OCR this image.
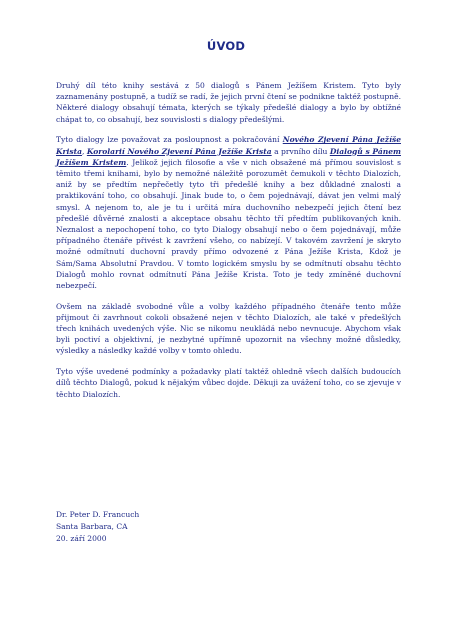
ÚVOD

Druhý díl této knihy sestává z 50 dialogů s Pánem Ježíšem Kristem. Tyto byly zaznamenány postupně, a tudíž se radí, že jejich první čtení se podnikne taktéž postupně. Některé dialogy obsahují témata, kterých se týkaly předešlé dialogy a bylo by obtížné chápat to, co obsahují, bez souvislosti s dialogy předešlými.

Tyto dialogy lze považovat za posloupnost a pokračování Nového Zjevení Pána Ježíše Krista, Korolarií Nového Zjevení Pána Ježíše Krista a prvního dílu Dialogů s Pánem Ježíšem Kristem. Jelikož jejich filosofie a vše v nich obsažené má přímou souvislost s těmito třemi knihami, bylo by nemožné náležitě porozumět čemukoli v těchto Dialozích, aniž by se předtím nepřečetly tyto tři předešlé knihy a bez důkladné znalosti a praktikování toho, co obsahují. Jinak bude to, o čem pojednávají, dávat jen velmi malý smysl. A nejenom to, ale je tu i určitá míra duchovního nebezpečí jejich čtení bez předešlé důvěrné znalosti a akceptace obsahu těchto tří předtím publikovaných knih. Neznalost a nepochopení toho, co tyto Dialogy obsahují nebo o čem pojednávají, může případného čtenáře přivést k zavržení všeho, co nabízejí. V takovém zavržení je skryto možné odmítnutí duchovní pravdy přímo odvozené z Pána Ježíše Krista, Kdož je Sám/Sama Absolutní Pravdou. V tomto logickém smyslu by se odmítnutí obsahu těchto Dialogů mohlo rovnat odmítnutí Pána Ježíše Krista. Toto je tedy zmíněné duchovní nebezpečí.

Ovšem na základě svobodné vůle a volby každého případného čtenáře tento může přijmout či zavrhnout cokoli obsažené nejen v těchto Dialozích, ale také v předešlých třech knihách uvedených výše. Nic se nikomu neukládá nebo nevnucuje. Abychom však byli poctiví a objektivní, je nezbytné upřímně upozornit na všechny možné důsledky, výsledky a následky každé volby v tomto ohledu.

Tyto výše uvedené podmínky a požadavky platí taktéž ohledně všech dalších budoucích dílů těchto Dialogů, pokud k nějakým vůbec dojde. Děkuji za uvážení toho, co se zjevuje v těchto Dialozích.

Dr. Peter D. Francuch
Santa Barbara, CA
20. září 2000
